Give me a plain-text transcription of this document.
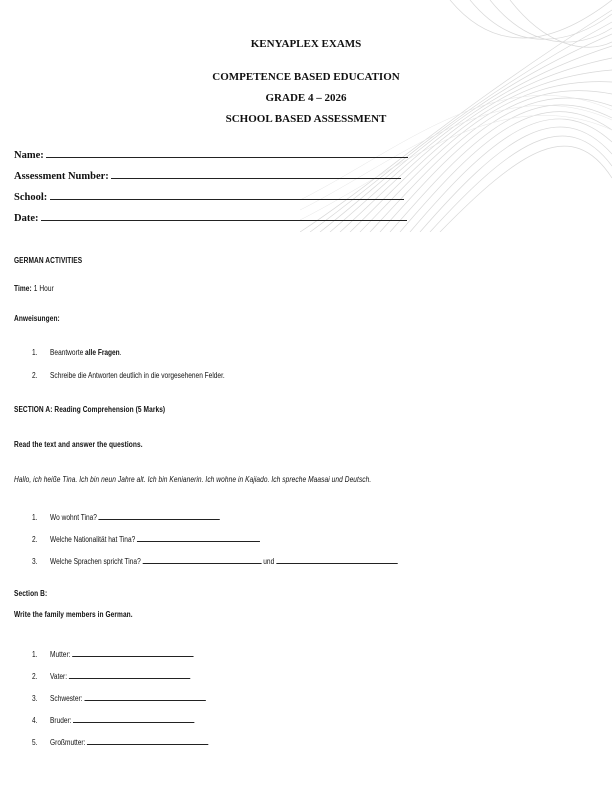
KENYAPLEX EXAMS
COMPETENCE BASED EDUCATION
GRADE 4 – 2026
SCHOOL BASED ASSESSMENT
Name:
Assessment Number:
School:
Date:
GERMAN ACTIVITIES
Time: 1 Hour
Anweisungen:
1. Beantworte alle Fragen.
2. Schreibe die Antworten deutlich in die vorgesehenen Felder.
SECTION A: Reading Comprehension (5 Marks)
Read the text and answer the questions.
Hallo, ich heiße Tina. Ich bin neun Jahre alt. Ich bin Kenianerin. Ich wohne in Kajiado. Ich spreche Maasai und Deutsch.
1. Wo wohnt Tina?
2. Welche Nationalität hat Tina?
3. Welche Sprachen spricht Tina?	und
Section B:
Write the family members in German.
1. Mutter:
2. Vater:
3. Schwester:
4. Bruder:
5. Großmutter:
